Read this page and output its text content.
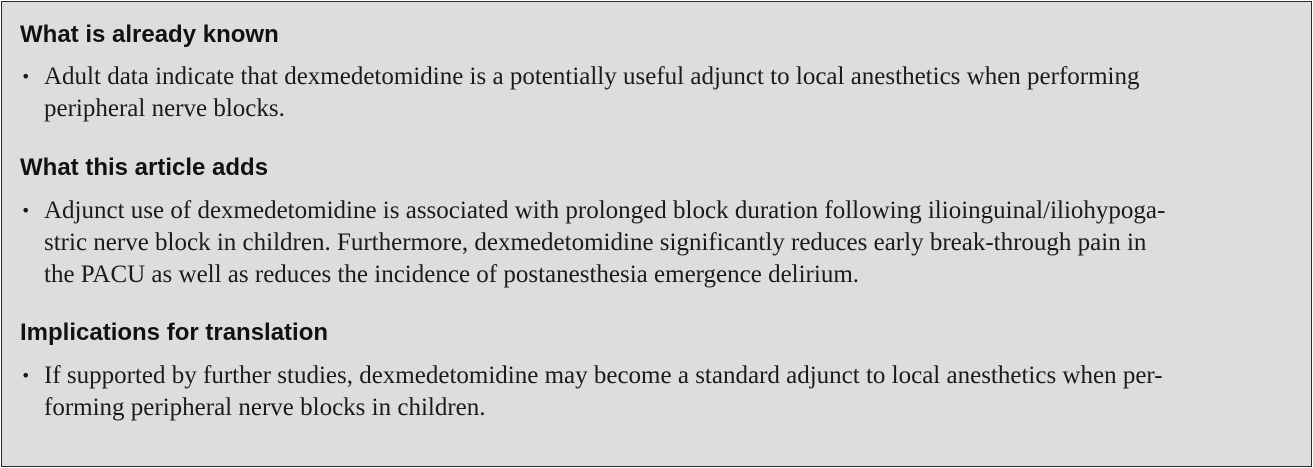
What is already known
• Adult data indicate that dexmedetomidine is a potentially useful adjunct to local anesthetics when performing
peripheral nerve blocks.
What this article adds
• Adjunct use of dexmedetomidine is associated with prolonged block duration following ilioinguinal/iliohypoga-
stric nerve block in children. Furthermore, dexmedetomidine significantly reduces early break-through pain in
the PACU as well as reduces the incidence of postanesthesia emergence delirium.
Implications for translation
• If supported by further studies, dexmedetomidine may become a standard adjunct to local anesthetics when per-
forming peripheral nerve blocks in children.
